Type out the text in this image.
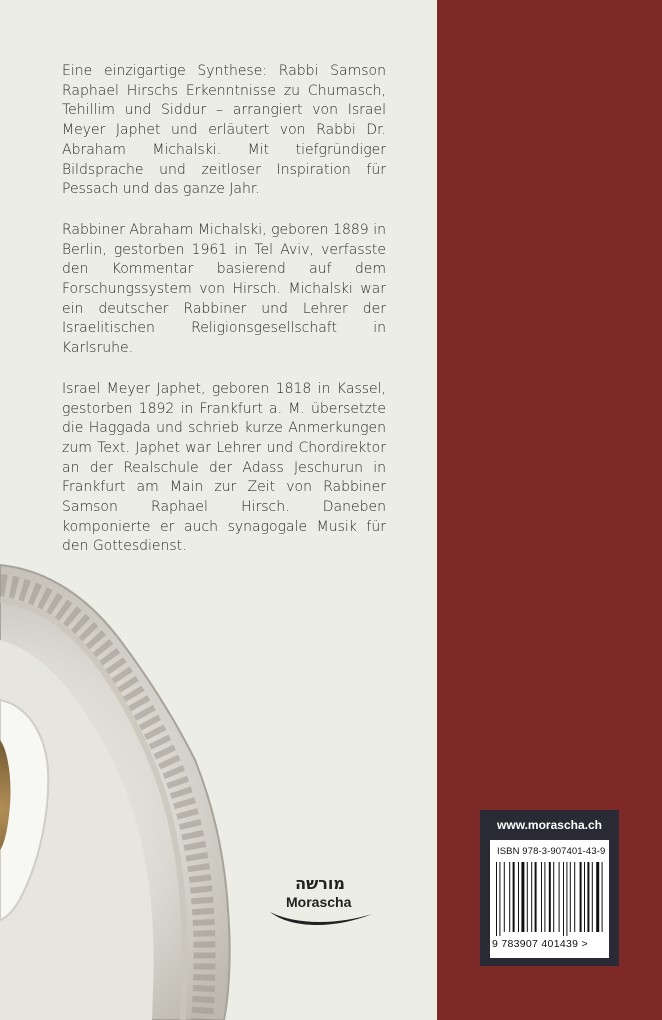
Eine einzigartige Synthese: Rabbi Samson Raphael Hirschs Erkenntnisse zu Chumasch, Tehillim und Siddur – arrangiert von Israel Meyer Japhet und erläutert von Rabbi Dr. Abraham Michalski. Mit tiefgründiger Bildsprache und zeitloser Inspiration für Pessach und das ganze Jahr.

Rabbiner Abraham Michalski, geboren 1889 in Berlin, gestorben 1961 in Tel Aviv, verfasste den Kommentar basierend auf dem Forschungssystem von Hirsch. Michalski war ein deutscher Rabbiner und Lehrer der Israelitischen Religionsgesellschaft in Karlsruhe.

Israel Meyer Japhet, geboren 1818 in Kassel, gestorben 1892 in Frankfurt a. M. übersetzte die Haggada und schrieb kurze Anmerkungen zum Text. Japhet war Lehrer und Chordirektor an der Realschule der Adass Jeschurun in Frankfurt am Main zur Zeit von Rabbiner Samson Raphael Hirsch. Daneben komponierte er auch synagogale Musik für den Gottesdienst.

מורשה
Moraschа
www.morascha.ch
ISBN 978-3-907401-43-9
9 783907 401439 >
